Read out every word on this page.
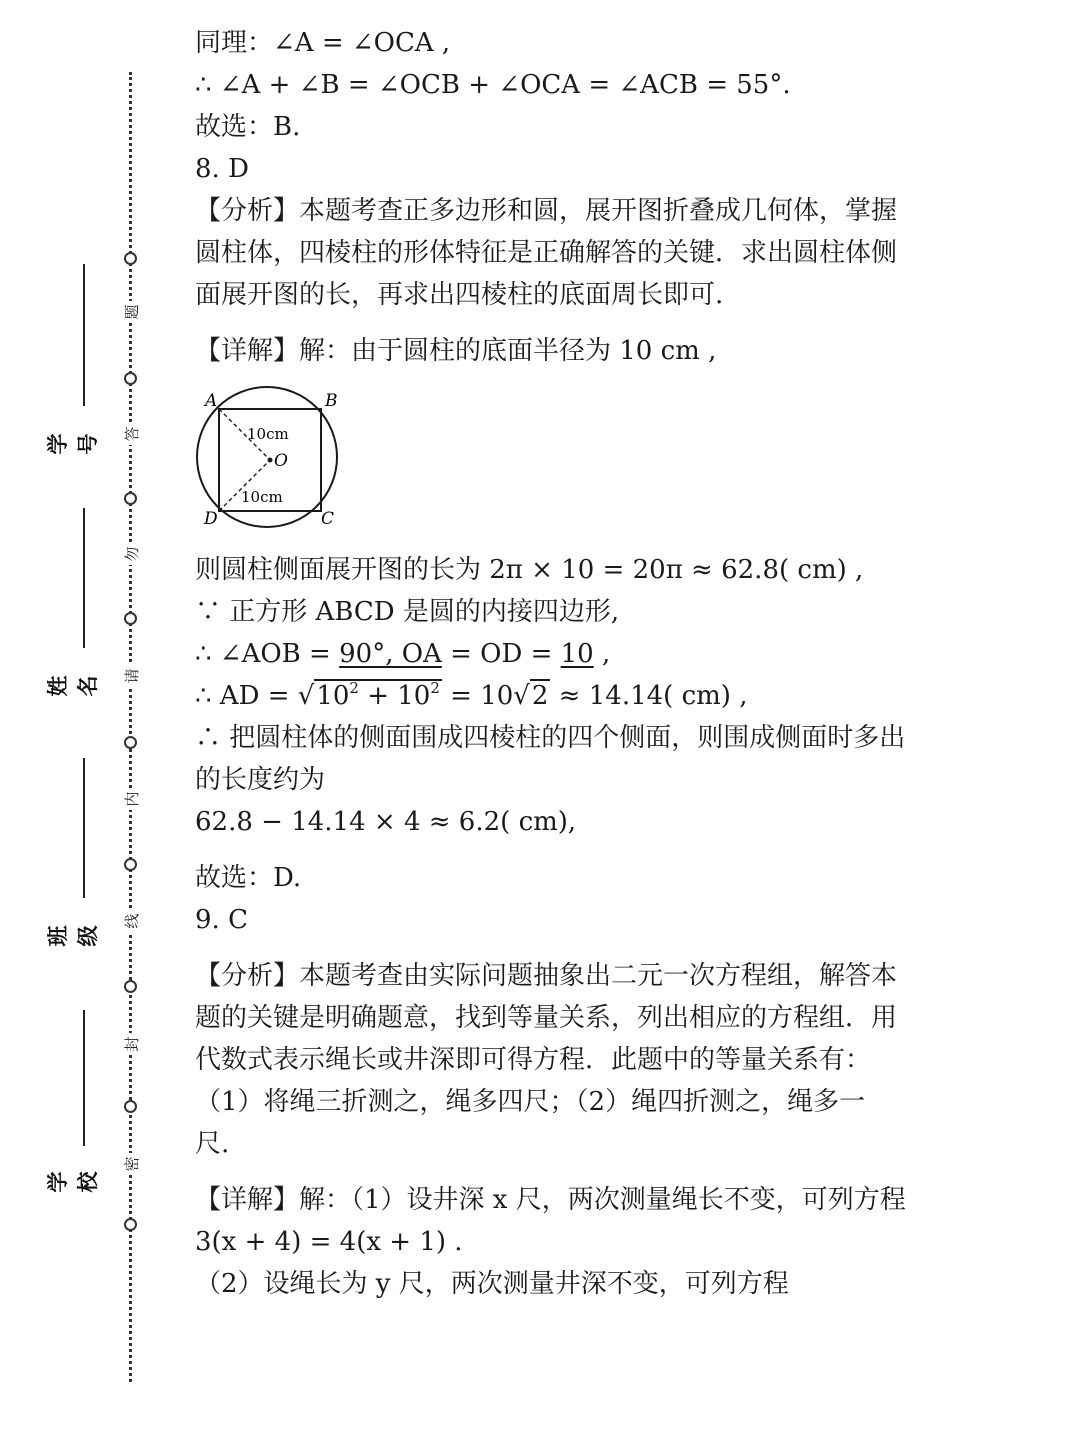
题
答
勿
请
内
线
封
密
学号
姓名
班级
学校
同理：∠A = ∠OCA ,
∴ ∠A + ∠B = ∠OCB + ∠OCA = ∠ACB = 55°.
故选：B.
8. D
【分析】本题考查正多边形和圆，展开图折叠成几何体，掌握
圆柱体，四棱柱的形体特征是正确解答的关键．求出圆柱体侧
面展开图的长，再求出四棱柱的底面周长即可.
【详解】解：由于圆柱的底面半径为 10 cm ,
A	B
C
D
O
10cm
10cm
则圆柱侧面展开图的长为 2π × 10 = 20π ≈ 62.8( cm) ,
∵ 正方形 ABCD 是圆的内接四边形,
∴ ∠AOB = 90°, OA = OD = 10 ,
∴ AD = $√10^2 + 10^2 = 10√2 \approx 14.14$( cm) ,
∴ 把圆柱体的侧面围成四棱柱的四个侧面，则围成侧面时多出
的长度约为
62.8 − 14.14 × 4 ≈ 6.2( cm),
故选：D.
9. C
【分析】本题考查由实际问题抽象出二元一次方程组，解答本
题的关键是明确题意，找到等量关系，列出相应的方程组．用
代数式表示绳长或井深即可得方程．此题中的等量关系有：
（1）将绳三折测之，绳多四尺；（2）绳四折测之，绳多一
尺.
【详解】解：（1）设井深 x 尺，两次测量绳长不变，可列方程
3(x + 4) = 4(x + 1) .
（2）设绳长为 y 尺，两次测量井深不变，可列方程
